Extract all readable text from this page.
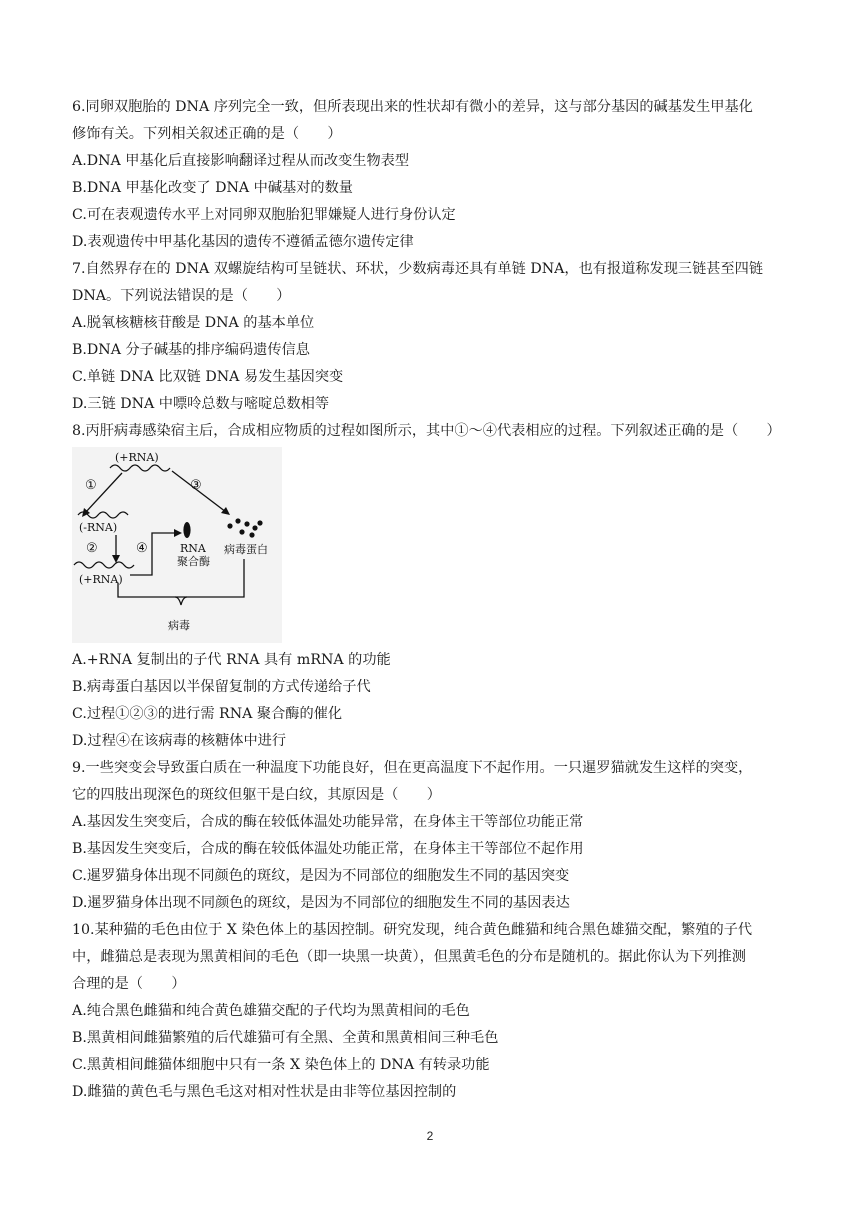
6.同卵双胞胎的 DNA 序列完全一致，但所表现出来的性状却有微小的差异，这与部分基因的碱基发生甲基化
修饰有关。下列相关叙述正确的是（　　）
A.DNA 甲基化后直接影响翻译过程从而改变生物表型
B.DNA 甲基化改变了 DNA 中碱基对的数量
C.可在表观遗传水平上对同卵双胞胎犯罪嫌疑人进行身份认定
D.表观遗传中甲基化基因的遗传不遵循孟德尔遗传定律
7.自然界存在的 DNA 双螺旋结构可呈链状、环状，少数病毒还具有单链 DNA，也有报道称发现三链甚至四链
DNA。下列说法错误的是（　　）
A.脱氧核糖核苷酸是 DNA 的基本单位
B.DNA 分子碱基的排序编码遗传信息
C.单链 DNA 比双链 DNA 易发生基因突变
D.三链 DNA 中嘌呤总数与嘧啶总数相等
8.丙肝病毒感染宿主后，合成相应物质的过程如图所示，其中①～④代表相应的过程。下列叙述正确的是（　　）
(+RNA)
①	③
(-RNA)
②	④	RNA
聚合酶
病毒蛋白
(+RNA)
病毒
A.+RNA 复制出的子代 RNA 具有 mRNA 的功能
B.病毒蛋白基因以半保留复制的方式传递给子代
C.过程①②③的进行需 RNA 聚合酶的催化
D.过程④在该病毒的核糖体中进行
9.一些突变会导致蛋白质在一种温度下功能良好，但在更高温度下不起作用。一只暹罗猫就发生这样的突变，
它的四肢出现深色的斑纹但躯干是白纹，其原因是（　　）
A.基因发生突变后，合成的酶在较低体温处功能异常，在身体主干等部位功能正常
B.基因发生突变后，合成的酶在较低体温处功能正常，在身体主干等部位不起作用
C.暹罗猫身体出现不同颜色的斑纹，是因为不同部位的细胞发生不同的基因突变
D.暹罗猫身体出现不同颜色的斑纹，是因为不同部位的细胞发生不同的基因表达
10.某种猫的毛色由位于 X 染色体上的基因控制。研究发现，纯合黄色雌猫和纯合黑色雄猫交配，繁殖的子代
中，雌猫总是表现为黑黄相间的毛色（即一块黑一块黄），但黑黄毛色的分布是随机的。据此你认为下列推测
合理的是（　　）
A.纯合黑色雌猫和纯合黄色雄猫交配的子代均为黑黄相间的毛色
B.黑黄相间雌猫繁殖的后代雄猫可有全黑、全黄和黑黄相间三种毛色
C.黑黄相间雌猫体细胞中只有一条 X 染色体上的 DNA 有转录功能
D.雌猫的黄色毛与黑色毛这对相对性状是由非等位基因控制的
2
